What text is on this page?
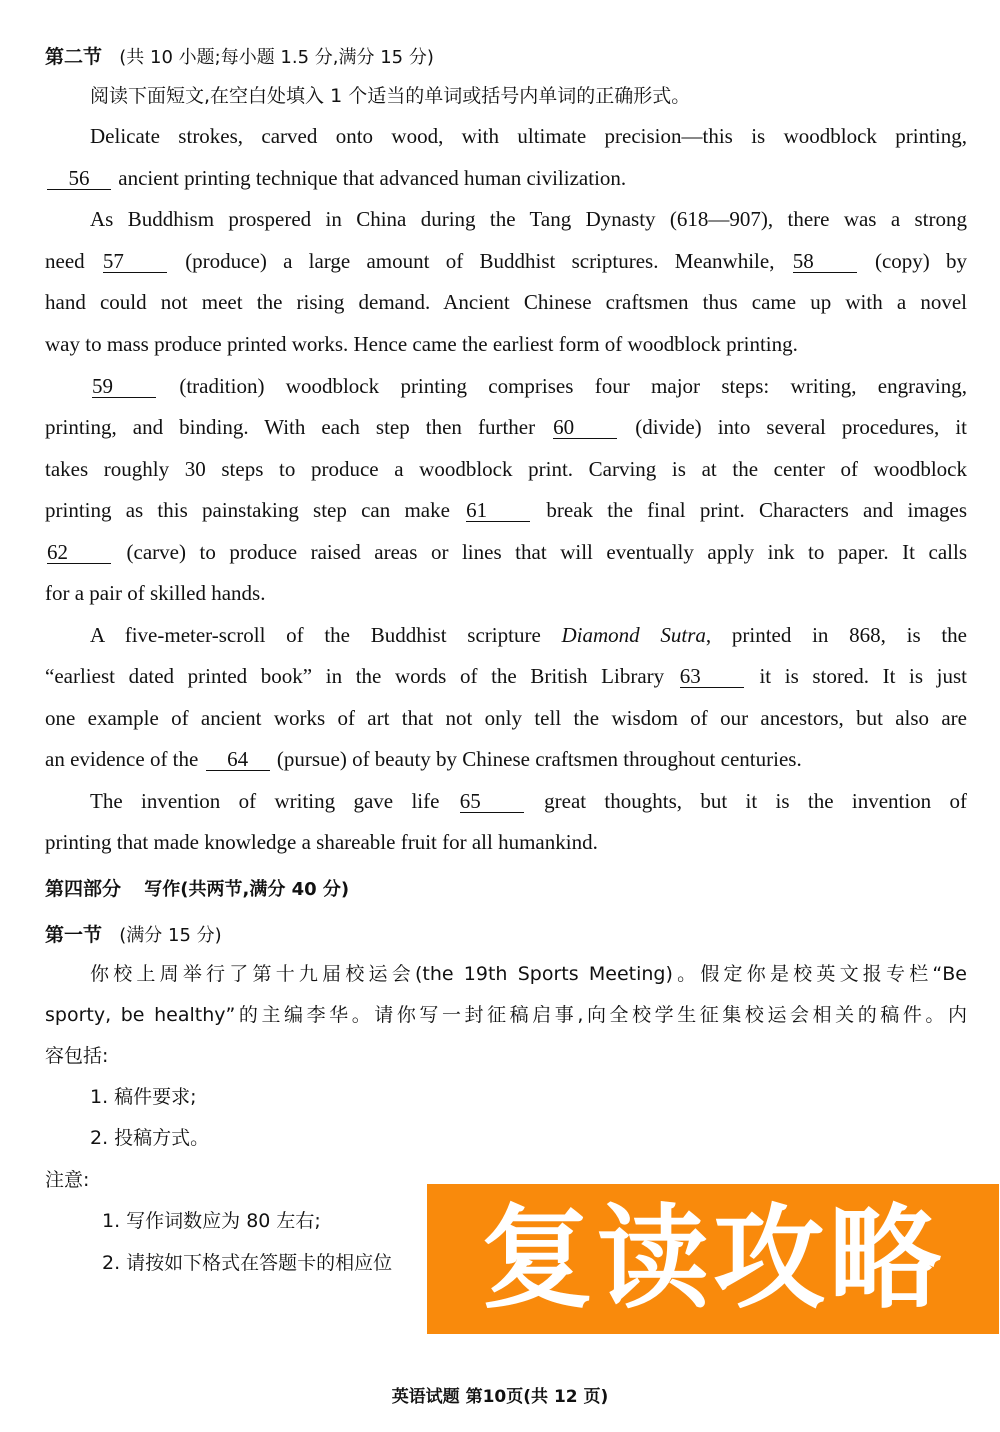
第二节 (共 10 小题;每小题 1.5 分,满分 15 分)
阅读下面短文,在空白处填入 1 个适当的单词或括号内单词的正确形式。
Delicate strokes, carved onto wood, with ultimate precision—this is woodblock printing,
56 ancient printing technique that advanced human civilization.
As Buddhism prospered in China during the Tang Dynasty (618—907), there was a strong
need 57	(produce) a large amount of Buddhist scriptures. Meanwhile, 58	(copy) by
hand could not meet the rising demand. Ancient Chinese craftsmen thus came up with a novel
way to mass produce printed works. Hence came the earliest form of woodblock printing.
59	(tradition) woodblock printing comprises four major steps: writing, engraving,
printing, and binding. With each step then further 60	(divide) into several procedures, it
takes roughly 30 steps to produce a woodblock print. Carving is at the center of woodblock
printing as this painstaking step can make 61	break the final print. Characters and images
62	(carve) to produce raised areas or lines that will eventually apply ink to paper. It calls
for a pair of skilled hands.
A five-meter-scroll of the Buddhist scripture Diamond Sutra, printed in 868, is the
“earliest dated printed book” in the words of the British Library 63	it is stored. It is just
one example of ancient works of art that not only tell the wisdom of our ancestors, but also are
an evidence of the 64 (pursue) of beauty by Chinese craftsmen throughout centuries.
The invention of writing gave life 65	great thoughts, but it is the invention of
printing that made knowledge a shareable fruit for all humankind.
第四部分 写作(共两节,满分 40 分)
第一节 (满分 15 分)
你校上周举行了第十九届校运会(the 19th Sports Meeting)。假定你是校英文报专栏“Be
sporty, be healthy”的主编李华。请你写一封征稿启事,向全校学生征集校运会相关的稿件。内
容包括:
1. 稿件要求;
2. 投稿方式。
注意:
1. 写作词数应为 80 左右;
2. 请按如下格式在答题卡的相应位 复读攻略
英语试题 第10页(共 12 页)
